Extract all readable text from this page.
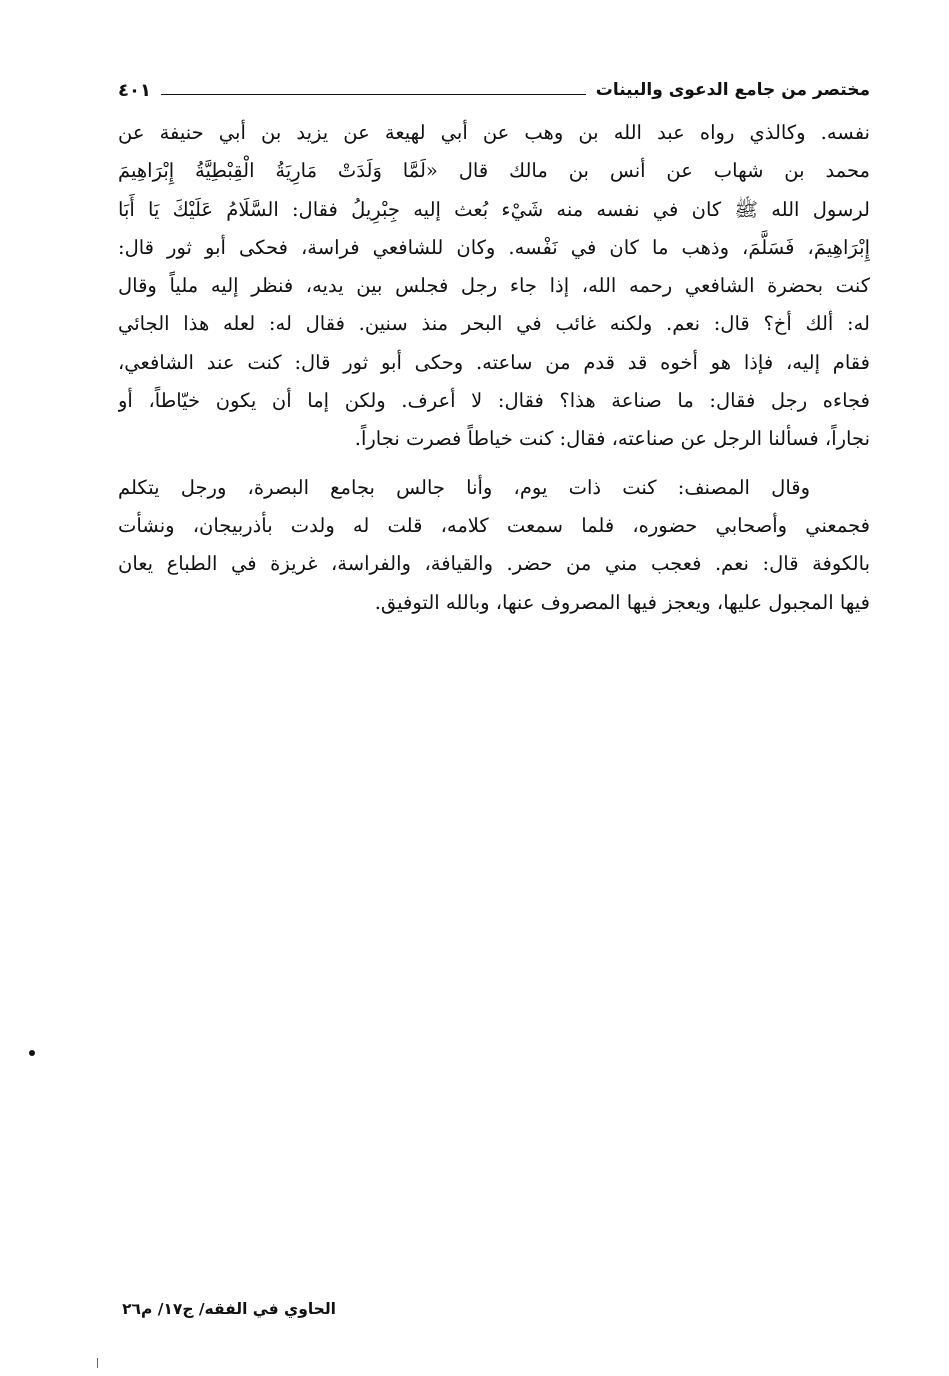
مختصر من جامع الدعوى والبينات
٤٠١
نفسه. وكالذي رواه عبد الله بن وهب عن أبي لهيعة عن يزيد بن أبي حنيفة عن
محمد بن شهاب عن أنس بن مالك قال «لَمَّا وَلَدَتْ مَارِيَةُ الْقِبْطِيَّةُ إِبْرَاهِيمَ
لرسول الله ﷺ كان في نفسه منه شَيْء بُعث إليه جِبْرِيلُ فقال: السَّلَامُ عَلَيْكَ يَا أَبَا
إِبْرَاهِيمَ، فَسَلَّمَ، وذهب ما كان في نَفْسه. وكان للشافعي فراسة، فحكى أبو ثور قال:
كنت بحضرة الشافعي رحمه الله، إذا جاء رجل فجلس بين يديه، فنظر إليه ملياً وقال
له: ألك أخ؟ قال: نعم. ولكنه غائب في البحر منذ سنين. فقال له: لعله هذا الجائي
فقام إليه، فإذا هو أخوه قد قدم من ساعته. وحكى أبو ثور قال: كنت عند الشافعي،
فجاءه رجل فقال: ما صناعة هذا؟ فقال: لا أعرف. ولكن إما أن يكون خيّاطاً، أو
نجاراً، فسألنا الرجل عن صناعته، فقال: كنت خياطاً فصرت نجاراً.
وقال المصنف: كنت ذات يوم، وأنا جالس بجامع البصرة، ورجل يتكلم
فجمعني وأصحابي حضوره، فلما سمعت كلامه، قلت له ولدت بأذربيجان، ونشأت
بالكوفة قال: نعم. فعجب مني من حضر. والقيافة، والفراسة، غريزة في الطباع يعان
فيها المجبول عليها، ويعجز فيها المصروف عنها، وبالله التوفيق.
الحاوي في الفقه/ ج١٧/ م٢٦
